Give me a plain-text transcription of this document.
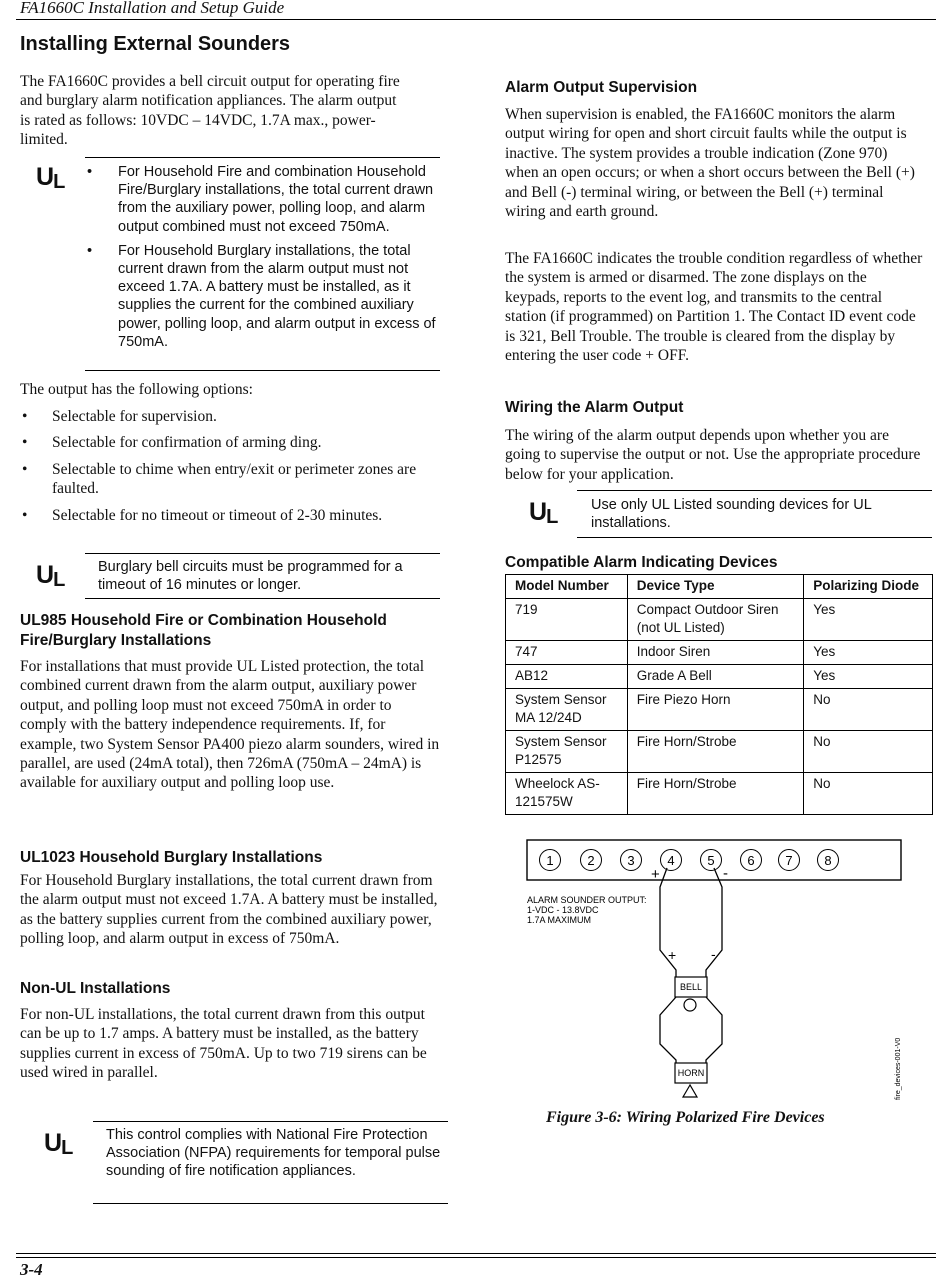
FA1660C Installation and Setup Guide
Installing External Sounders
The FA1660C provides a bell circuit output for operating fire and burglary alarm notification appliances. The alarm output is rated as follows: 10VDC – 14VDC, 1.7A max., power-limited.
UL	• For Household Fire and combination Household Fire/Burglary installations, the total current drawn from the auxiliary power, polling loop, and alarm output combined must not exceed 750mA.
• For Household Burglary installations, the total current drawn from the alarm output must not exceed 1.7A. A battery must be installed, as it supplies the current for the combined auxiliary power, polling loop, and alarm output in excess of 750mA.
The output has the following options:
• Selectable for supervision.
• Selectable for confirmation of arming ding.
• Selectable to chime when entry/exit or perimeter zones are faulted.
• Selectable for no timeout or timeout of 2-30 minutes.
UL
Burglary bell circuits must be programmed for a timeout of 16 minutes or longer.
UL985 Household Fire or Combination Household Fire/Burglary Installations
For installations that must provide UL Listed protection, the total combined current drawn from the alarm output, auxiliary power output, and polling loop must not exceed 750mA in order to comply with the battery independence requirements. If, for example, two System Sensor PA400 piezo alarm sounders, wired in parallel, are used (24mA total), then 726mA (750mA – 24mA) is available for auxiliary output and polling loop use.
UL1023 Household Burglary Installations
For Household Burglary installations, the total current drawn from the alarm output must not exceed 1.7A. A battery must be installed, as the battery supplies current from the combined auxiliary power, polling loop, and alarm output in excess of 750mA.
Non-UL Installations
For non-UL installations, the total current drawn from this output can be up to 1.7 amps. A battery must be installed, as the battery supplies current in excess of 750mA. Up to two 719 sirens can be used wired in parallel.
UL
This control complies with National Fire Protection Association (NFPA) requirements for temporal pulse sounding of fire notification appliances.
Alarm Output Supervision
When supervision is enabled, the FA1660C monitors the alarm output wiring for open and short circuit faults while the output is inactive. The system provides a trouble indication (Zone 970) when an open occurs; or when a short occurs between the Bell (+) and Bell (-) terminal wiring, or between the Bell (+) terminal wiring and earth ground.
The FA1660C indicates the trouble condition regardless of whether the system is armed or disarmed. The zone displays on the keypads, reports to the event log, and transmits to the central station (if programmed) on Partition 1. The Contact ID event code is 321, Bell Trouble. The trouble is cleared from the display by entering the user code + OFF.
Wiring the Alarm Output
The wiring of the alarm output depends upon whether you are going to supervise the output or not. Use the appropriate procedure below for your application.
UL
Use only UL Listed sounding devices for UL installations.
Compatible Alarm Indicating Devices
Model Number	Device Type	Polarizing Diode
719	Compact Outdoor Siren (not UL Listed)	Yes
747	Indoor Siren	Yes
AB12	Grade A Bell	Yes
System Sensor MA 12/24D	Fire Piezo Horn	No
System Sensor P12575	Fire Horn/Strobe	No
Wheelock AS-121575W	Fire Horn/Strobe	No
1	2	3	4	5	6 7 8
+	-
+ -
BELL
HORN
ALARM SOUNDER OUTPUT:
1-VDC - 13.8VDC
1.7A MAXIMUM
fire_devices-001-V0
Figure 3-6: Wiring Polarized Fire Devices
3-4
